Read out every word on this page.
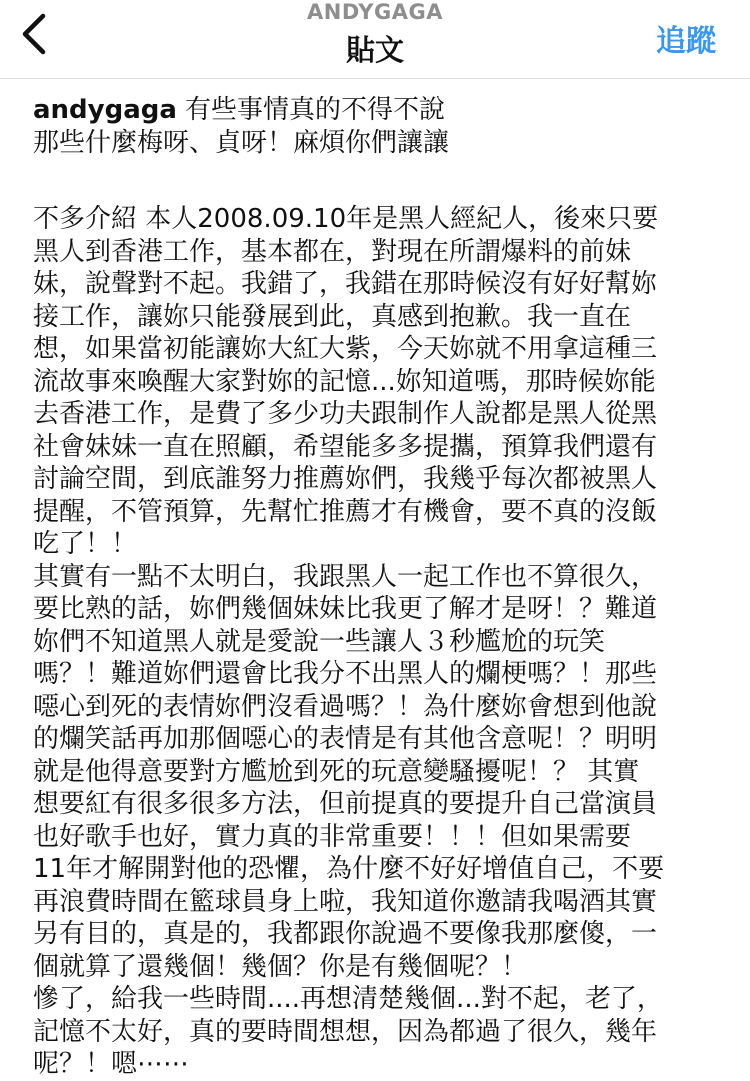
ANDYGAGA
貼文	追蹤
andygaga 有些事情真的不得不說
那些什麼梅呀、貞呀！麻煩你們讓讓

不多介紹 本人2008.09.10年是黑人經紀人，後來只要

黑人到香港工作，基本都在，對現在所謂爆料的前妹

妹，說聲對不起。我錯了，我錯在那時候沒有好好幫妳

接工作，讓妳只能發展到此，真感到抱歉。我一直在

想，如果當初能讓妳大紅大紫，今天妳就不用拿這種三

流故事來喚醒大家對妳的記憶...妳知道嗎，那時候妳能

去香港工作，是費了多少功夫跟制作人說都是黑人從黑

社會妹妹一直在照顧，希望能多多提攜，預算我們還有

討論空間，到底誰努力推薦妳們，我幾乎每次都被黑人

提醒，不管預算，先幫忙推薦才有機會，要不真的沒飯

吃了！！

其實有一點不太明白，我跟黑人一起工作也不算很久，

要比熟的話，妳們幾個妹妹比我更了解才是呀！？難道

妳們不知道黑人就是愛說一些讓人３秒尷尬的玩笑

嗎？！難道妳們還會比我分不出黑人的爛梗嗎？！那些

噁心到死的表情妳們沒看過嗎？！為什麼妳會想到他說

的爛笑話再加那個噁心的表情是有其他含意呢！？明明

就是他得意要對方尷尬到死的玩意變騷擾呢！？ 其實

想要紅有很多很多方法，但前提真的要提升自己當演員

也好歌手也好，實力真的非常重要！！！但如果需要

11年才解開對他的恐懼，為什麼不好好增值自己，不要

再浪費時間在籃球員身上啦，我知道你邀請我喝酒其實

另有目的，真是的，我都跟你說過不要像我那麼傻，一

個就算了還幾個！幾個？你是有幾個呢？！

慘了，給我一些時間....再想清楚幾個...對不起，老了，

記憶不太好，真的要時間想想，因為都過了很久，幾年

呢？！嗯⋯⋯
